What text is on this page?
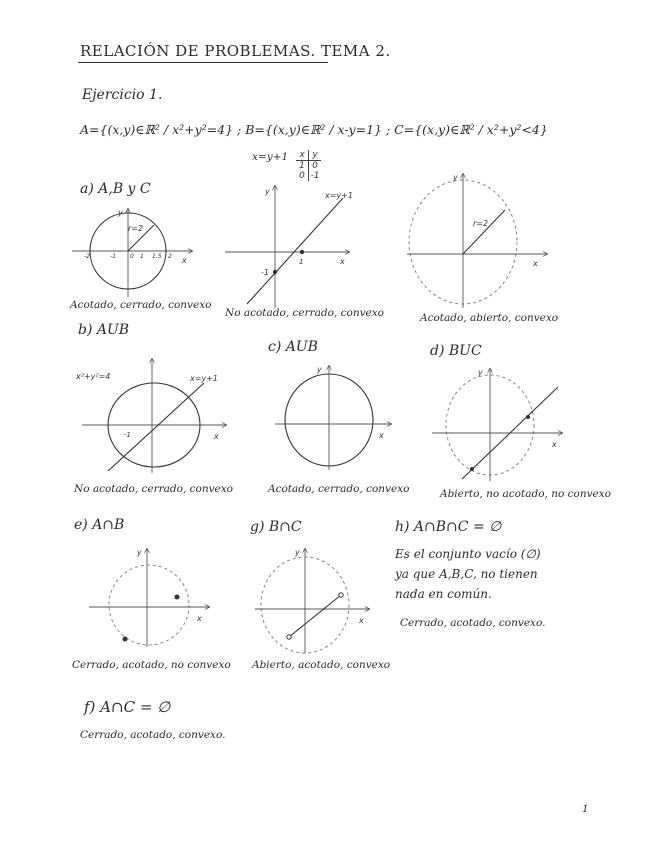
RELACIÓN DE PROBLEMAS. TEMA 2.
Ejercicio 1.
A={(x,y)∈ℝ² / x²+y²=4} ; B={(x,y)∈ℝ² / x-y=1} ; C={(x,y)∈ℝ² / x²+y²<4}
x=y+1	x y
1 0
0 -1
a) A,B y C
r=2
-2	-1 0 1 1,5 2 x
y
Acotado, cerrado, convexo
-1
1
x=y+1
x
y
No acotado, cerrado, convexo
r=2
x
y
Acotado, abierto, convexo
b) AUB
-1
x²+y²=4	x=y+1
x
No acotado, cerrado, convexo
c) AUB
x
y
Acotado, cerrado, convexo
d) BUC
x
y
Abierto, no acotado, no convexo
e) A∩B
x
y
Cerrado, acotado, no convexo
g) B∩C
x
y
Abierto, acotado, convexo
h) A∩B∩C = ∅
Es el conjunto vacío (∅)
ya que A,B,C, no tienen
nada en común.
Cerrado, acotado, convexo.
f) A∩C = ∅
Cerrado, acotado, convexo.
1
